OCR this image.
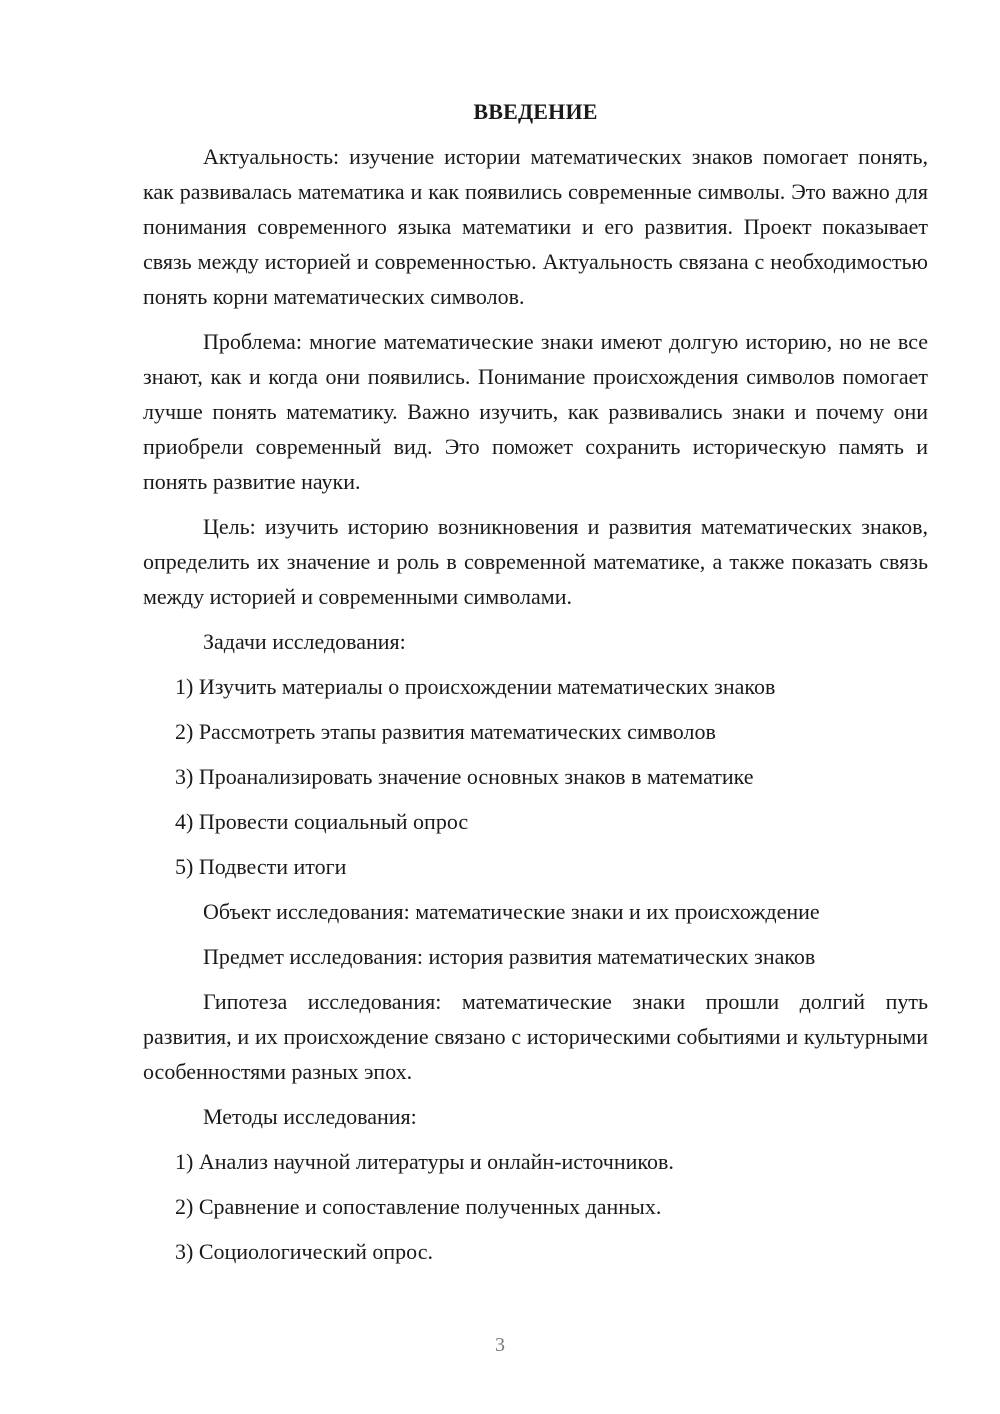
ВВЕДЕНИЕ

Актуальность: изучение истории математических знаков помогает понять, как развивалась математика и как появились современные символы. Это важно для понимания современного языка математики и его развития. Проект показывает связь между историей и современностью. Актуальность связана с необходимостью понять корни математических символов.

Проблема: многие математические знаки имеют долгую историю, но не все знают, как и когда они появились. Понимание происхождения символов помогает лучше понять математику. Важно изучить, как развивались знаки и почему они приобрели современный вид. Это поможет сохранить историческую память и понять развитие науки.

Цель: изучить историю возникновения и развития математических знаков, определить их значение и роль в современной математике, а также показать связь между историей и современными символами.

Задачи исследования:

1) Изучить материалы о происхождении математических знаков
2) Рассмотреть этапы развития математических символов
3) Проанализировать значение основных знаков в математике
4) Провести социальный опрос
5) Подвести итоги

Объект исследования: математические знаки и их происхождение

Предмет исследования: история развития математических знаков

Гипотеза исследования: математические знаки прошли долгий путь развития, и их происхождение связано с историческими событиями и культурными особенностями разных эпох.

Методы исследования:

1) Анализ научной литературы и онлайн-источников.
2) Сравнение и сопоставление полученных данных.
3) Социологический опрос.
3
